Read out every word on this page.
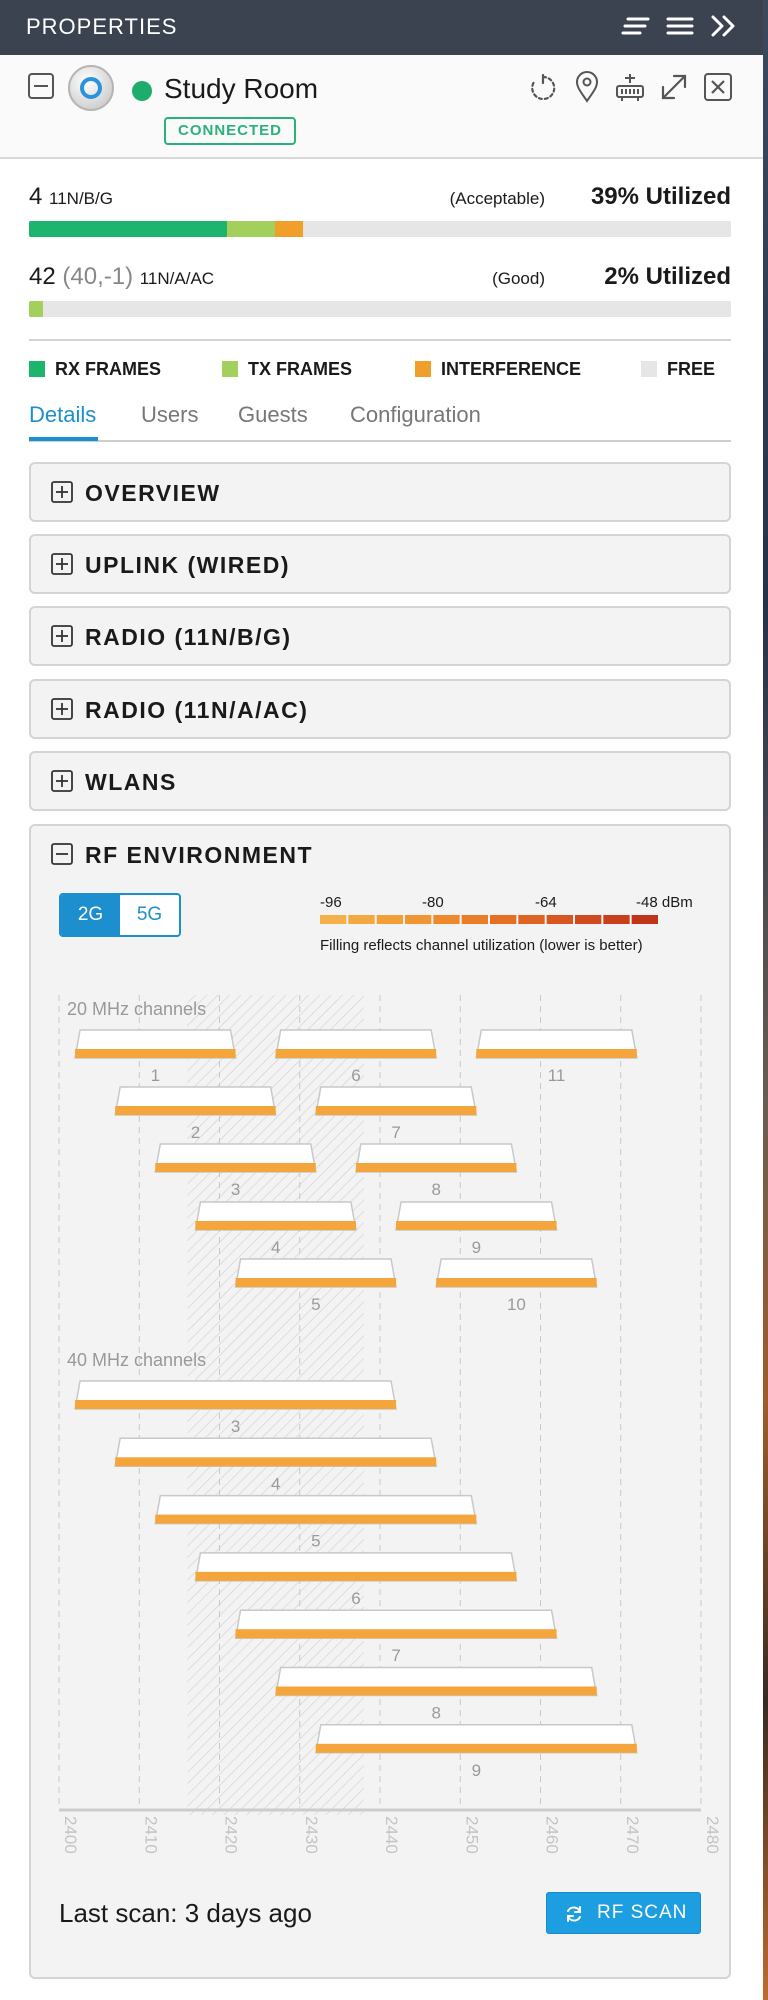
PROPERTIES
Study Room
CONNECTED
4 11N/B/G	(Acceptable) 39% Utilized
42 (40,-1) 11N/A/AC	(Good) 2% Utilized
RX FRAMES	TX FRAMES	INTERFERENCE	FREE
Details Users Guests Configuration
OVERVIEW
UPLINK (WIRED)
RADIO (11N/B/G)
RADIO (11N/A/AC)
WLANS
RF ENVIRONMENT
2G	5G
-96	-80	-64	-48 dBm
Filling reflects channel utilization (lower is better)
2400	2410	2420	2430	2440	2450	2460	2470	2480
1
2
3
4
5
6
7
8
9
10
11
3
4
5
6
7
8
9
20 MHz channels
40 MHz channels
Last scan: 3 days ago	RF SCAN
